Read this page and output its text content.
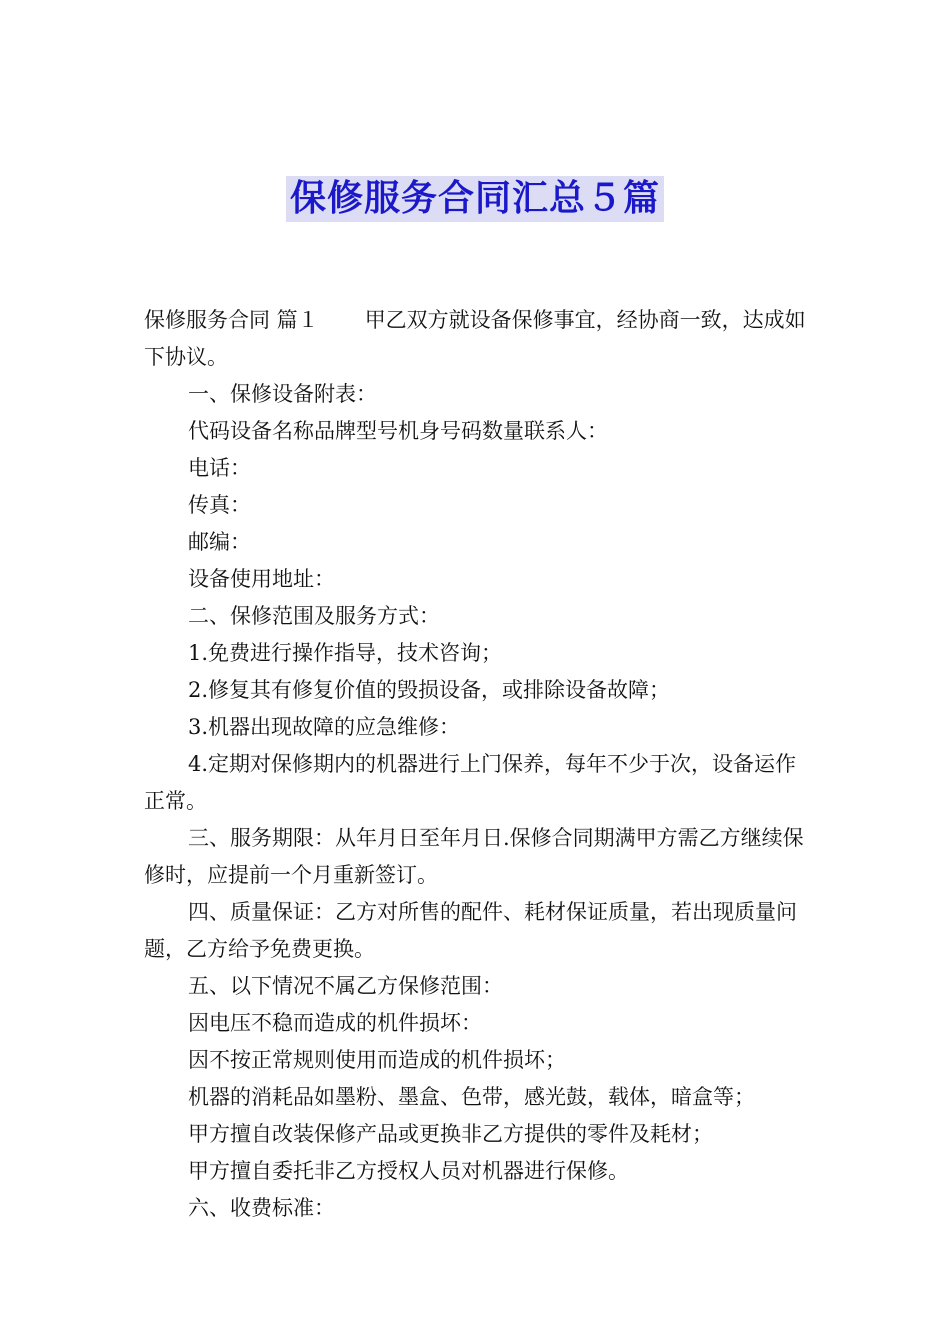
保修服务合同汇总５篇

保修服务合同 篇１ 甲乙双方就设备保修事宜，经协商一致，达成如下协议。

一、保修设备附表：

代码设备名称品牌型号机身号码数量联系人：

电话：

传真：

邮编：

设备使用地址：

二、保修范围及服务方式：

1.免费进行操作指导，技术咨询；

2.修复其有修复价值的毁损设备，或排除设备故障；

3.机器出现故障的应急维修：

4.定期对保修期内的机器进行上门保养，每年不少于次，设备运作正常。

三、服务期限：从年月日至年月日.保修合同期满甲方需乙方继续保修时，应提前一个月重新签订。

四、质量保证：乙方对所售的配件、耗材保证质量，若出现质量问题，乙方给予免费更换。

五、以下情况不属乙方保修范围：

因电压不稳而造成的机件损坏：

因不按正常规则使用而造成的机件损坏；

机器的消耗品如墨粉、墨盒、色带，感光鼓，载体，暗盒等；

甲方擅自改装保修产品或更换非乙方提供的零件及耗材；

甲方擅自委托非乙方授权人员对机器进行保修。

六、收费标准：
